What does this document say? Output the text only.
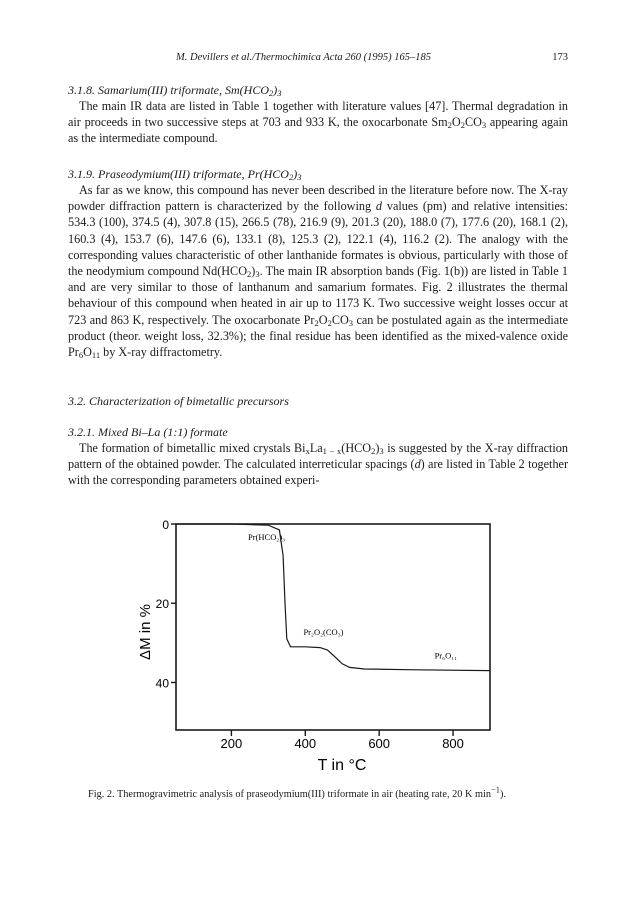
M. Devillers et al./Thermochimica Acta 260 (1995) 165–185	173
3.1.8. Samarium(III) triformate, $Sm(HCO_2)_3$
The main IR data are listed in Table 1 together with literature values [47]. Thermal degradation in air proceeds in two successive steps at 703 and 933 K, the oxocarbonate $Sm_2O_2CO_3$ appearing again as the intermediate compound.
3.1.9. Praseodymium(III) triformate, $Pr(HCO_2)_3$
As far as we know, this compound has never been described in the literature before now. The X-ray powder diffraction pattern is characterized by the following d values (pm) and relative intensities: 534.3 (100), 374.5 (4), 307.8 (15), 266.5 (78), 216.9 (9), 201.3 (20), 188.0 (7), 177.6 (20), 168.1 (2), 160.3 (4), 153.7 (6), 147.6 (6), 133.1 (8), 125.3 (2), 122.1 (4), 116.2 (2). The analogy with the corresponding values characteristic of other lanthanide formates is obvious, particularly with those of the neodymium compound $Nd(HCO_2)_3$. The main IR absorption bands (Fig. 1(b)) are listed in Table 1 and are very similar to those of lanthanum and samarium formates. Fig. 2 illustrates the thermal behaviour of this compound when heated in air up to 1173 K. Two successive weight losses occur at 723 and 863 K, respectively. The oxocarbonate $Pr_2O_2CO_3$ can be postulated again as the intermediate product (theor. weight loss, 32.3%); the final residue has been identified as the mixed-valence oxide $Pr_6O_{11}$ by X-ray diffractometry.
3.2. Characterization of bimetallic precursors
3.2.1. Mixed Bi–La (1:1) formate
The formation of bimetallic mixed crystals $Bi_xLa_{1 - x}(HCO_2)_3$ is suggested by the X-ray diffraction pattern of the obtained powder. The calculated interreticular spacings (d) are listed in Table 2 together with the corresponding parameters obtained experi-
0
20
40
200	400	600	800
Pr(HCO₂)₃
Pr₂O₂(CO₃)
Pr₆O₁₁
ΔM in %
T in °C
Fig. 2. Thermogravimetric analysis of praseodymium(III) triformate in air (heating rate, 20 K $\min^{-1}$).
